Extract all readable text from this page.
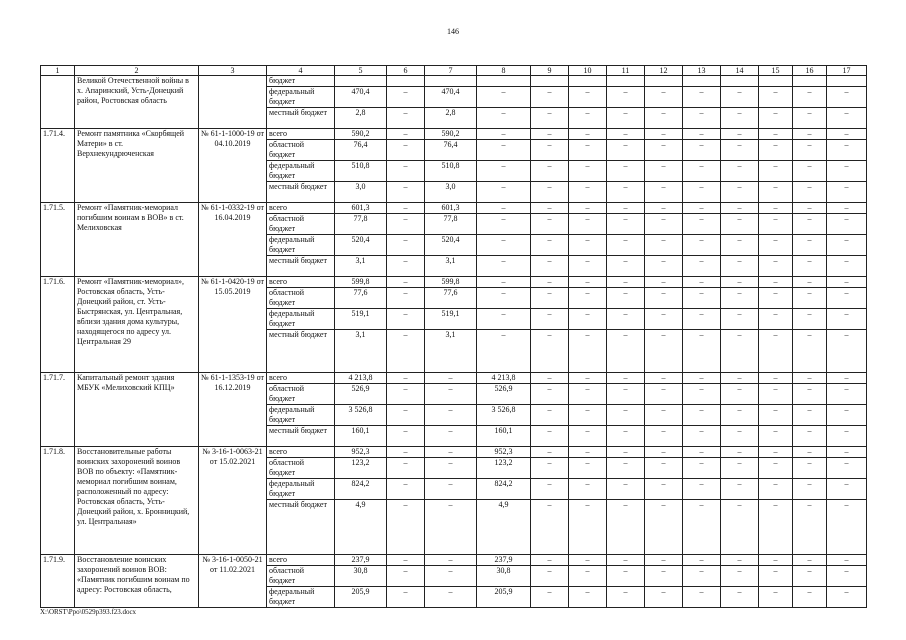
146
1	2	3	4	5	6	7	8	9	10	11	12	13	14	15	16	17
	Великой Отечественной войны в х. Апаринский, Усть-Донецкий район, Ростовская область		бюджет													
			федеральный бюджет	470,4	–	470,4	–	–	–	–	–	–	–	–	–	–
			местный бюджет	2,8	–	2,8	–	–	–	–	–	–	–	–	–	–
1.71.4.	Ремонт памятника «Скорбящей Матери» в ст. Верхнекундрюченская	№ 61-1-1000-19 от 04.10.2019	всего	590,2	–	590,2	–	–	–	–	–	–	–	–	–	–
			областной бюджет	76,4	–	76,4	–	–	–	–	–	–	–	–	–	–
			федеральный бюджет	510,8	–	510,8	–	–	–	–	–	–	–	–	–	–
			местный бюджет	3,0	–	3,0	–	–	–	–	–	–	–	–	–	–
1.71.5.	Ремонт «Памятник-мемориал погибшим воинам в ВОВ» в ст. Мелиховская	№ 61-1-0332-19 от 16.04.2019	всего	601,3	–	601,3	–	–	–	–	–	–	–	–	–	–
			областной бюджет	77,8	–	77,8	–	–	–	–	–	–	–	–	–	–
			федеральный бюджет	520,4	–	520,4	–	–	–	–	–	–	–	–	–	–
			местный бюджет	3,1	–	3,1	–	–	–	–	–	–	–	–	–	–
1.71.6.	Ремонт «Памятник-мемориал», Ростовская область, Усть-Донецкий район, ст. Усть-Быстрянская, ул. Центральная, вблизи здания дома культуры, находящегося по адресу ул. Центральная 29	№ 61-1-0420-19 от 15.05.2019	всего	599,8	–	599,8	–	–	–	–	–	–	–	–	–	–
			областной бюджет	77,6	–	77,6	–	–	–	–	–	–	–	–	–	–
			федеральный бюджет	519,1	–	519,1	–	–	–	–	–	–	–	–	–	–
			местный бюджет	3,1	–	3,1	–	–	–	–	–	–	–	–	–	–
1.71.7.	Капитальный ремонт здания МБУК «Мелиховский КПЦ»	№ 61-1-1353-19 от 16.12.2019	всего	4 213,8	–	–	4 213,8	–	–	–	–	–	–	–	–	–
			областной бюджет	526,9	–	–	526,9	–	–	–	–	–	–	–	–	–
			федеральный бюджет	3 526,8	–	–	3 526,8	–	–	–	–	–	–	–	–	–
			местный бюджет	160,1	–	–	160,1	–	–	–	–	–	–	–	–	–
1.71.8.	Восстановительные работы воинских захоронений воинов ВОВ по объекту: «Памятник-мемориал погибшим воинам, расположенный по адресу: Ростовская область, Усть-Донецкий район, х. Бронницкий, ул. Центральная»	№ 3-16-1-0063-21 от 15.02.2021	всего	952,3	–	–	952,3	–	–	–	–	–	–	–	–	–
			областной бюджет	123,2	–	–	123,2	–	–	–	–	–	–	–	–	–
			федеральный бюджет	824,2	–	–	824,2	–	–	–	–	–	–	–	–	–
			местный бюджет	4,9	–	–	4,9	–	–	–	–	–	–	–	–	–
1.71.9.	Восстановление воинских захоронений воинов ВОВ: «Памятник погибшим воинам по адресу: Ростовская область,	№ 3-16-1-0050-21 от 11.02.2021	всего	237,9	–	–	237,9	–	–	–	–	–	–	–	–	–
			областной бюджет	30,8	–	–	30,8	–	–	–	–	–	–	–	–	–
			федеральный бюджет	205,9	–	–	205,9	–	–	–	–	–	–	–	–	–
X:\ORST\Ppo\0529p393.f23.docx
